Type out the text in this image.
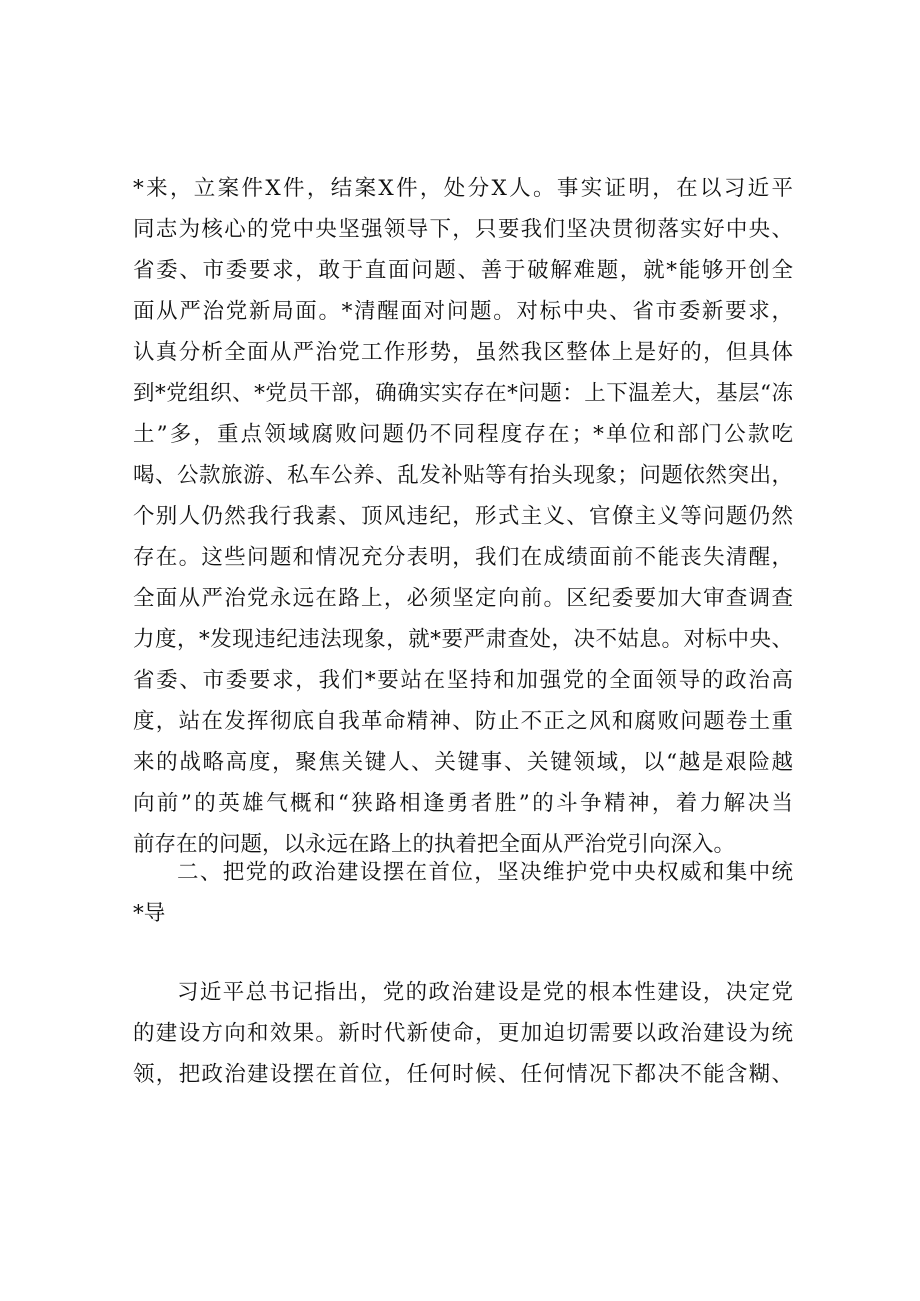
*来，立案件X件，结案X件，处分X人。事实证明，在以习近平
同志为核心的党中央坚强领导下，只要我们坚决贯彻落实好中央、
省委、市委要求，敢于直面问题、善于破解难题，就*能够开创全
面从严治党新局面。*清醒面对问题。对标中央、省市委新要求，
认真分析全面从严治党工作形势，虽然我区整体上是好的，但具体
到*党组织、*党员干部，确确实实存在*问题：上下温差大，基层“冻
土”多，重点领域腐败问题仍不同程度存在；*单位和部门公款吃
喝、公款旅游、私车公养、乱发补贴等有抬头现象；问题依然突出，
个别人仍然我行我素、顶风违纪，形式主义、官僚主义等问题仍然
存在。这些问题和情况充分表明，我们在成绩面前不能丧失清醒，
全面从严治党永远在路上，必须坚定向前。区纪委要加大审查调查
力度，*发现违纪违法现象，就*要严肃查处，决不姑息。对标中央、
省委、市委要求，我们*要站在坚持和加强党的全面领导的政治高
度，站在发挥彻底自我革命精神、防止不正之风和腐败问题卷土重
来的战略高度，聚焦关键人、关键事、关键领域，以“越是艰险越
向前”的英雄气概和“狭路相逢勇者胜”的斗争精神，着力解决当
前存在的问题，以永远在路上的执着把全面从严治党引向深入。
二、把党的政治建设摆在首位，坚决维护党中央权威和集中统
*导
习近平总书记指出，党的政治建设是党的根本性建设，决定党
的建设方向和效果。新时代新使命，更加迫切需要以政治建设为统
领，把政治建设摆在首位，任何时候、任何情况下都决不能含糊、
